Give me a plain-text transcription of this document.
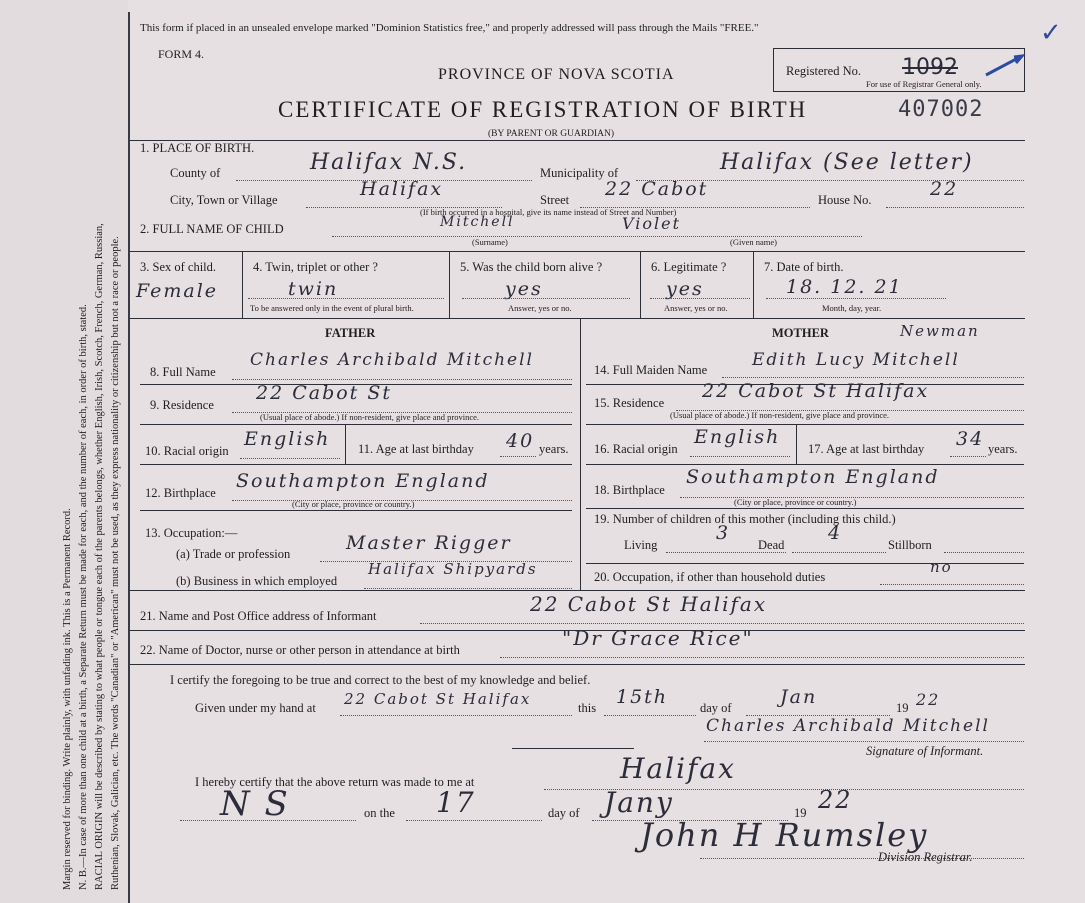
Margin reserved for binding. Write plainly, with unfading ink. This is a Permanent Record. N. B.—In case of more than one child at a birth, a Separate Return must be made for each, and the number of each, in order of birth, stated. RACIAL ORIGIN will be described by stating to what people or tongue each of the parents belongs, whether English, Irish, Scotch, French, German, Russian, Ruthenian, Slovak, Galician, etc. The words "Canadian" or "American" must not be used, as they express nationality or citizenship but not a race or people.
This form if placed in an unsealed envelope marked "Dominion Statistics free," and properly addressed will pass through the Mails "FREE."
FORM 4.
PROVINCE OF NOVA SCOTIA
CERTIFICATE OF REGISTRATION OF BIRTH
(BY PARENT OR GUARDIAN)
Registered No. 1092
For use of Registrar General only.
✓
407002
1. PLACE OF BIRTH.
County of	Halifax N.S.	Municipality of	Halifax (See letter)
City, Town or Village	Halifax	Street 22 Cabot	House No.	22
(If birth occurred in a hospital, give its name instead of Street and Number)
2. FULL NAME OF CHILD	Mitchell	Violet
(Surname)	(Given name)
3. Sex of child.
Female
4. Twin, triplet or other ?
twin
To be answered only in the event of plural birth.
5. Was the child born alive ?
yes
Answer, yes or no.
6. Legitimate ?
yes
Answer, yes or no.
7. Date of birth.
18. 12. 21
Month, day, year.
FATHER
8. Full Name
Charles Archibald Mitchell
9. Residence
22 Cabot St
(Usual place of abode.) If non-resident, give place and province.
10. Racial origin
English 11. Age at last birthday 40 years.
12. Birthplace
Southampton England
(City or place, province or country.)
13. Occupation:—
(a) Trade or profession	Master Rigger
(b) Business in which employed
Halifax Shipyards
MOTHER	Newman
14. Full Maiden Name	Edith Lucy Mitchell
15. Residence
22 Cabot St Halifax
(Usual place of abode.) If non-resident, give place and province.
16. Racial origin
English
17. Age at last birthday 34 years.
18. Birthplace
Southampton England
(City or place, province or country.)
19. Number of children of this mother (including this child.)
Living
3
Dead
4
Stillborn
20. Occupation, if other than household duties
no
21. Name and Post Office address of Informant	22 Cabot St Halifax
22. Name of Doctor, nurse or other person in attendance at birth	"Dr Grace Rice"
I certify the foregoing to be true and correct to the best of my knowledge and belief.
Given under my hand at 22 Cabot St Halifax	this 15th	day of	Jan	19 22
Charles Archibald Mitchell
Signature of Informant.
I hereby certify that the above return was made to me at	Halifax
N S	on the 17	day of Jany	19 22
John H Rumsley
Division Registrar.
